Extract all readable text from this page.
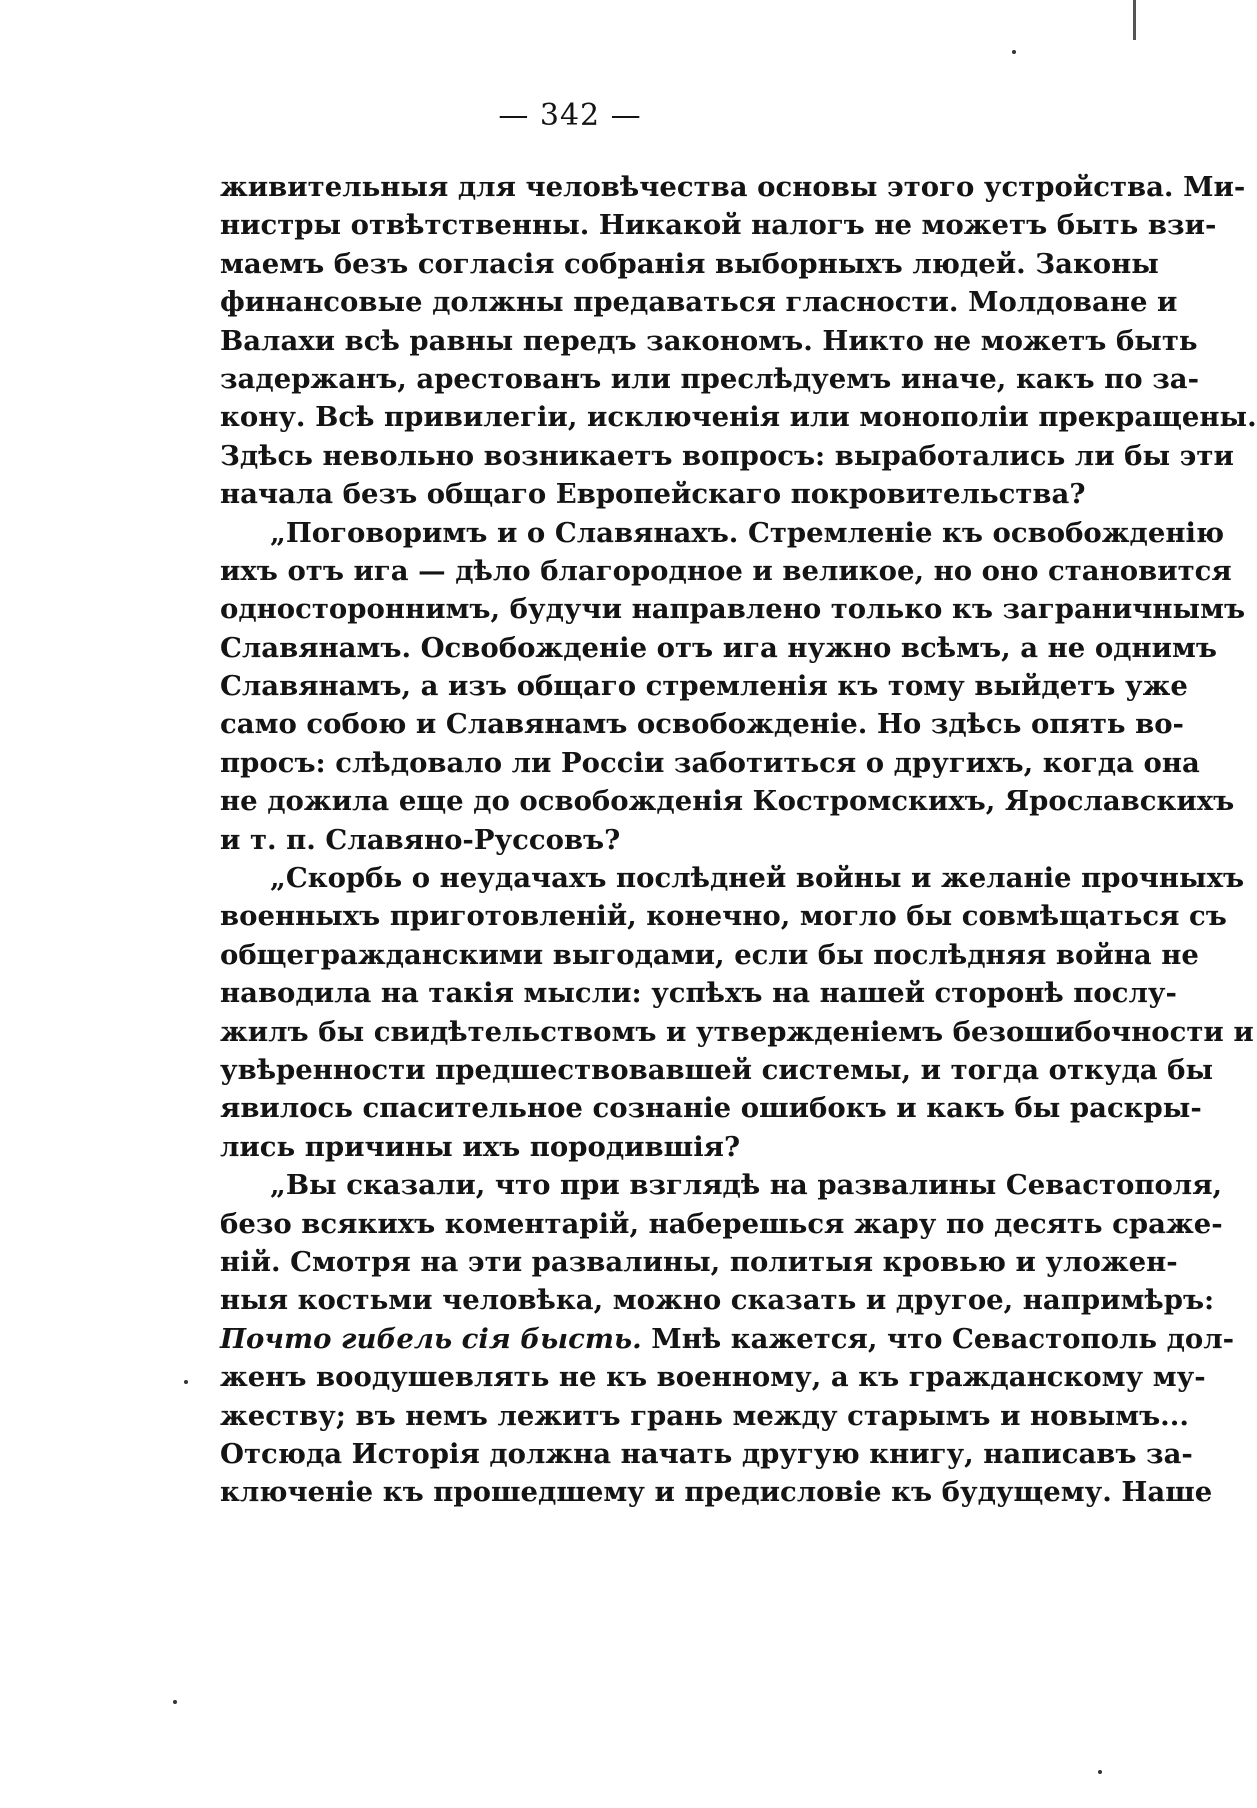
— 342 —
живительныя для человѣчества основы этого устройства. Ми-
нистры отвѣтственны. Никакой налогъ не можетъ быть взи-
маемъ безъ согласія собранія выборныхъ людей. Законы
финансовые должны предаваться гласности. Молдоване и
Валахи всѣ равны передъ закономъ. Никто не можетъ быть
задержанъ, арестованъ или преслѣдуемъ иначе, какъ по за-
кону. Всѣ привилегіи, исключенія или монополіи прекращены.
Здѣсь невольно возникаетъ вопросъ: выработались ли бы эти
начала безъ общаго Европейскаго покровительства?
„Поговоримъ и о Славянахъ. Стремленіе къ освобожденію
ихъ отъ ига — дѣло благородное и великое, но оно становится
одностороннимъ, будучи направлено только къ заграничнымъ
Славянамъ. Освобожденіе отъ ига нужно всѣмъ, а не однимъ
Славянамъ, а изъ общаго стремленія къ тому выйдетъ уже
само собою и Славянамъ освобожденіе. Но здѣсь опять во-
просъ: слѣдовало ли Россіи заботиться о другихъ, когда она
не дожила еще до освобожденія Костромскихъ, Ярославскихъ
и т. п. Славяно-Руссовъ?
„Скорбь о неудачахъ послѣдней войны и желаніе прочныхъ
военныхъ приготовленій, конечно, могло бы совмѣщаться съ
общегражданскими выгодами, если бы послѣдняя война не
наводила на такія мысли: успѣхъ на нашей сторонѣ послу-
жилъ бы свидѣтельствомъ и утвержденіемъ безошибочности и
увѣренности предшествовавшей системы, и тогда откуда бы
явилось спасительное сознаніе ошибокъ и какъ бы раскры-
лись причины ихъ породившія?
„Вы сказали, что при взглядѣ на развалины Севастополя,
безо всякихъ коментарій, наберешься жару по десять сраже-
ній. Смотря на эти развалины, политыя кровью и уложен-
ныя костьми человѣка, можно сказать и другое, напримѣръ:
Почто гибель сія бысть. Мнѣ кажется, что Севастополь дол-
женъ воодушевлять не къ военному, а къ гражданскому му-
жеству; въ немъ лежитъ грань между старымъ и новымъ...
Отсюда Исторія должна начать другую книгу, написавъ за-
ключеніе къ прошедшему и предисловіе къ будущему. Наше
